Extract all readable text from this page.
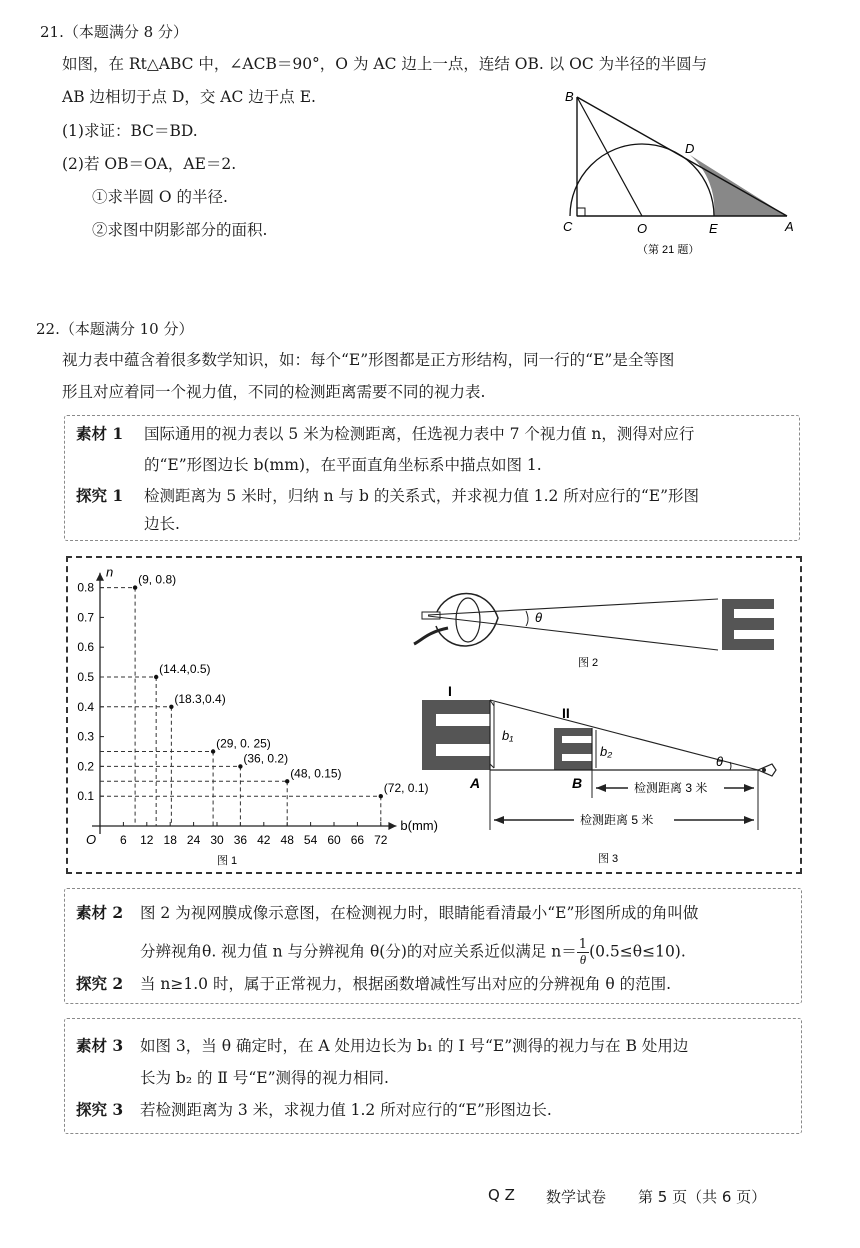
21.（本题满分 8 分）
如图，在 Rt△ABC 中，∠ACB＝90°，O 为 AC 边上一点，连结 OB. 以 OC 为半径的半圆与
AB 边相切于点 D，交 AC 边于点 E.
(1)求证：BC＝BD.
(2)若 OB＝OA，AE＝2.
①求半圆 O 的半径.
②求图中阴影部分的面积.
B
D
C	O	E	A
（第 21 题）
22.（本题满分 10 分）
视力表中蕴含着很多数学知识，如：每个“E”形图都是正方形结构，同一行的“E”是全等图
形且对应着同一个视力值，不同的检测距离需要不同的视力表.
素材 1 国际通用的视力表以 5 米为检测距离，任选视力表中 7 个视力值 n，测得对应行
的“E”形图边长 b(mm)，在平面直角坐标系中描点如图 1.
探究 1 检测距离为 5 米时，归纳 n 与 b 的关系式，并求视力值 1.2 所对应行的“E”形图
边长.
n
b(mm)
O 6 12 18 24 30 36 42 48 54 60 66 72
0.1
0.2
0.3
0.4
0.5
0.6
0.7
0.8
(9, 0.8)
(14.4,0.5)
(18.3,0.4)
(29, 0. 25)
(36, 0.2)
(48, 0.15)
(72, 0.1)
图 1
θ
图 2
I
b₁
II
b₂
θ
A	B	检测距离 3 米
检测距离 5 米
图 3
素材 2 图 2 为视网膜成像示意图，在检测视力时，眼睛能看清最小“E”形图所成的角叫做
分辨视角θ. 视力值 n 与分辨视角 θ(分)的对应关系近似满足 $n= \frac{1}{\theta} (0.5\le\theta\le 10)$.
探究 2 当 n≥1.0 时，属于正常视力，根据函数增减性写出对应的分辨视角 θ 的范围.
素材 3 如图 3，当 θ 确定时，在 A 处用边长为 b₁ 的 Ⅰ 号“E”测得的视力与在 B 处用边
长为 b₂ 的 Ⅱ 号“E”测得的视力相同.
探究 3 若检测距离为 3 米，求视力值 1.2 所对应行的“E”形图边长.
Q Z 数学试卷 第 5 页（共 6 页）
